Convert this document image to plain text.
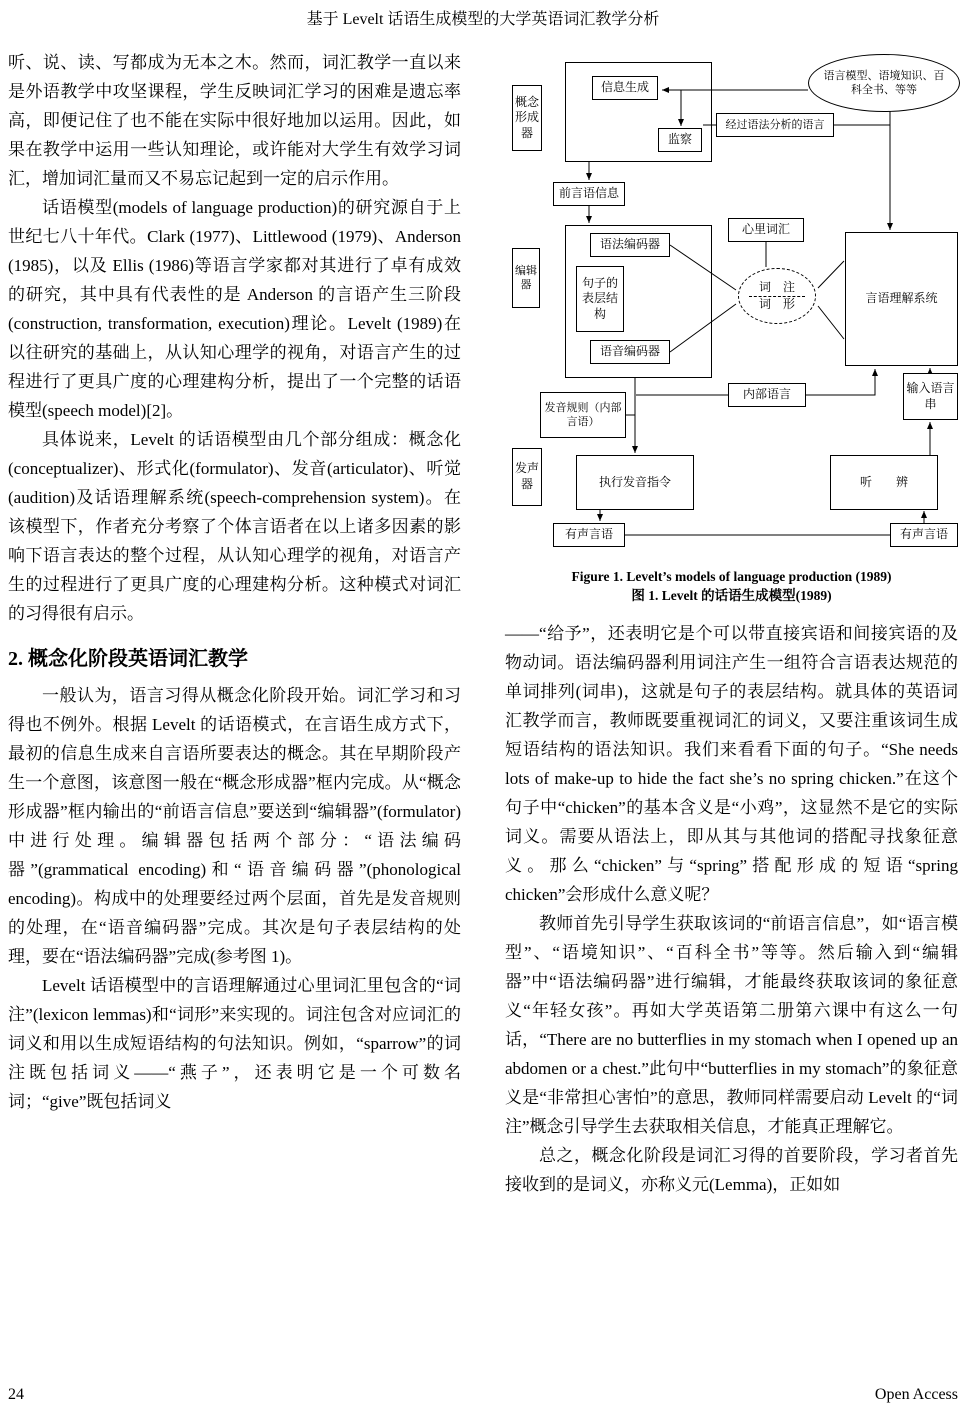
基于 Levelt 话语生成模型的大学英语词汇教学分析

听、说、读、写都成为无本之木。然而，词汇教学一直以来是外语教学中攻坚课程，学生反映词汇学习的困难是遗忘率高，即便记住了也不能在实际中很好地加以运用。因此，如果在教学中运用一些认知理论，或许能对大学生有效学习词汇，增加词汇量而又不易忘记起到一定的启示作用。

话语模型(models of language production)的研究源自于上世纪七八十年代。Clark (1977)、Littlewood (1979)、Anderson (1985)，以及 Ellis (1986)等语言学家都对其进行了卓有成效的研究，其中具有代表性的是 Anderson 的言语产生三阶段(construction, transformation, execution)理论。Levelt (1989)在以往研究的基础上，从认知心理学的视角，对语言产生的过程进行了更具广度的心理建构分析，提出了一个完整的话语模型(speech model)[2]。

具体说来，Levelt 的话语模型由几个部分组成：概念化(conceptualizer)、形式化(formulator)、发音(articulator)、听觉(audition)及话语理解系统(speech-comprehension system)。在该模型下，作者充分考察了个体言语者在以上诸多因素的影响下语言表达的整个过程，从认知心理学的视角，对语言产生的过程进行了更具广度的心理建构分析。这种模式对词汇的习得很有启示。

2. 概念化阶段英语词汇教学

一般认为，语言习得从概念化阶段开始。词汇学习和习得也不例外。根据 Levelt 的话语模式，在言语生成方式下，最初的信息生成来自言语所要表达的概念。其在早期阶段产生一个意图，该意图一般在“概念形成器”框内完成。从“概念形成器”框内输出的“前语言信息”要送到“编辑器”(formulator)中进行处理。编辑器包括两个部分：“语法编码器”(grammatical encoding)和“语音编码器”(phonological encoding)。构成中的处理要经过两个层面，首先是发音规则的处理，在“语音编码器”完成。其次是句子表层结构的处理，要在“语法编码器”完成(参考图 1)。

Levelt 话语模型中的言语理解通过心里词汇里包含的“词注”(lexicon lemmas)和“词形”来实现的。词注包含对应词汇的词义和用以生成短语结构的句法知识。例如，“sparrow”的词注既包括词义——“燕子”，还表明它是一个可数名词；“give”既包括词义

概念形成器
信息生成
监察
经过语法分析的语言
语言模型、语境知识、百科全书、等等
前言语信息
编辑器
语法编码器
句子的表层结构
语音编码器
心里词汇
词　注
词　形	言语理解系统
内部语言
发音规则（内部言语）
输入语言串
发声器	执行发音指令	听　　辨
有声言语	有声言语
Figure 1. Levelt’s models of language production (1989)
图 1. Levelt 的话语生成模型(1989)

——“给予”，还表明它是个可以带直接宾语和间接宾语的及物动词。语法编码器利用词注产生一组符合言语表达规范的单词排列(词串)，这就是句子的表层结构。就具体的英语词汇教学而言，教师既要重视词汇的词义，又要注重该词生成短语结构的语法知识。我们来看看下面的句子。“She needs lots of make-up to hide the fact she’s no spring chicken.”在这个句子中“chicken”的基本含义是“小鸡”，这显然不是它的实际词义。需要从语法上，即从其与其他词的搭配寻找象征意义。那么“chicken”与“spring”搭配形成的短语“spring chicken”会形成什么意义呢？

教师首先引导学生获取该词的“前语言信息”，如“语言模型”、“语境知识”、“百科全书”等等。然后输入到“编辑器”中“语法编码器”进行编辑，才能最终获取该词的象征意义“年轻女孩”。再如大学英语第二册第六课中有这么一句话，“There are no butterflies in my stomach when I opened up an abdomen or a chest.”此句中“butterflies in my stomach”的象征意义是“非常担心害怕”的意思，教师同样需要启动 Levelt 的“词注”概念引导学生去获取相关信息，才能真正理解它。

总之，概念化阶段是词汇习得的首要阶段，学习者首先接收到的是词义，亦称义元(Lemma)，正如如

24	Open Access
